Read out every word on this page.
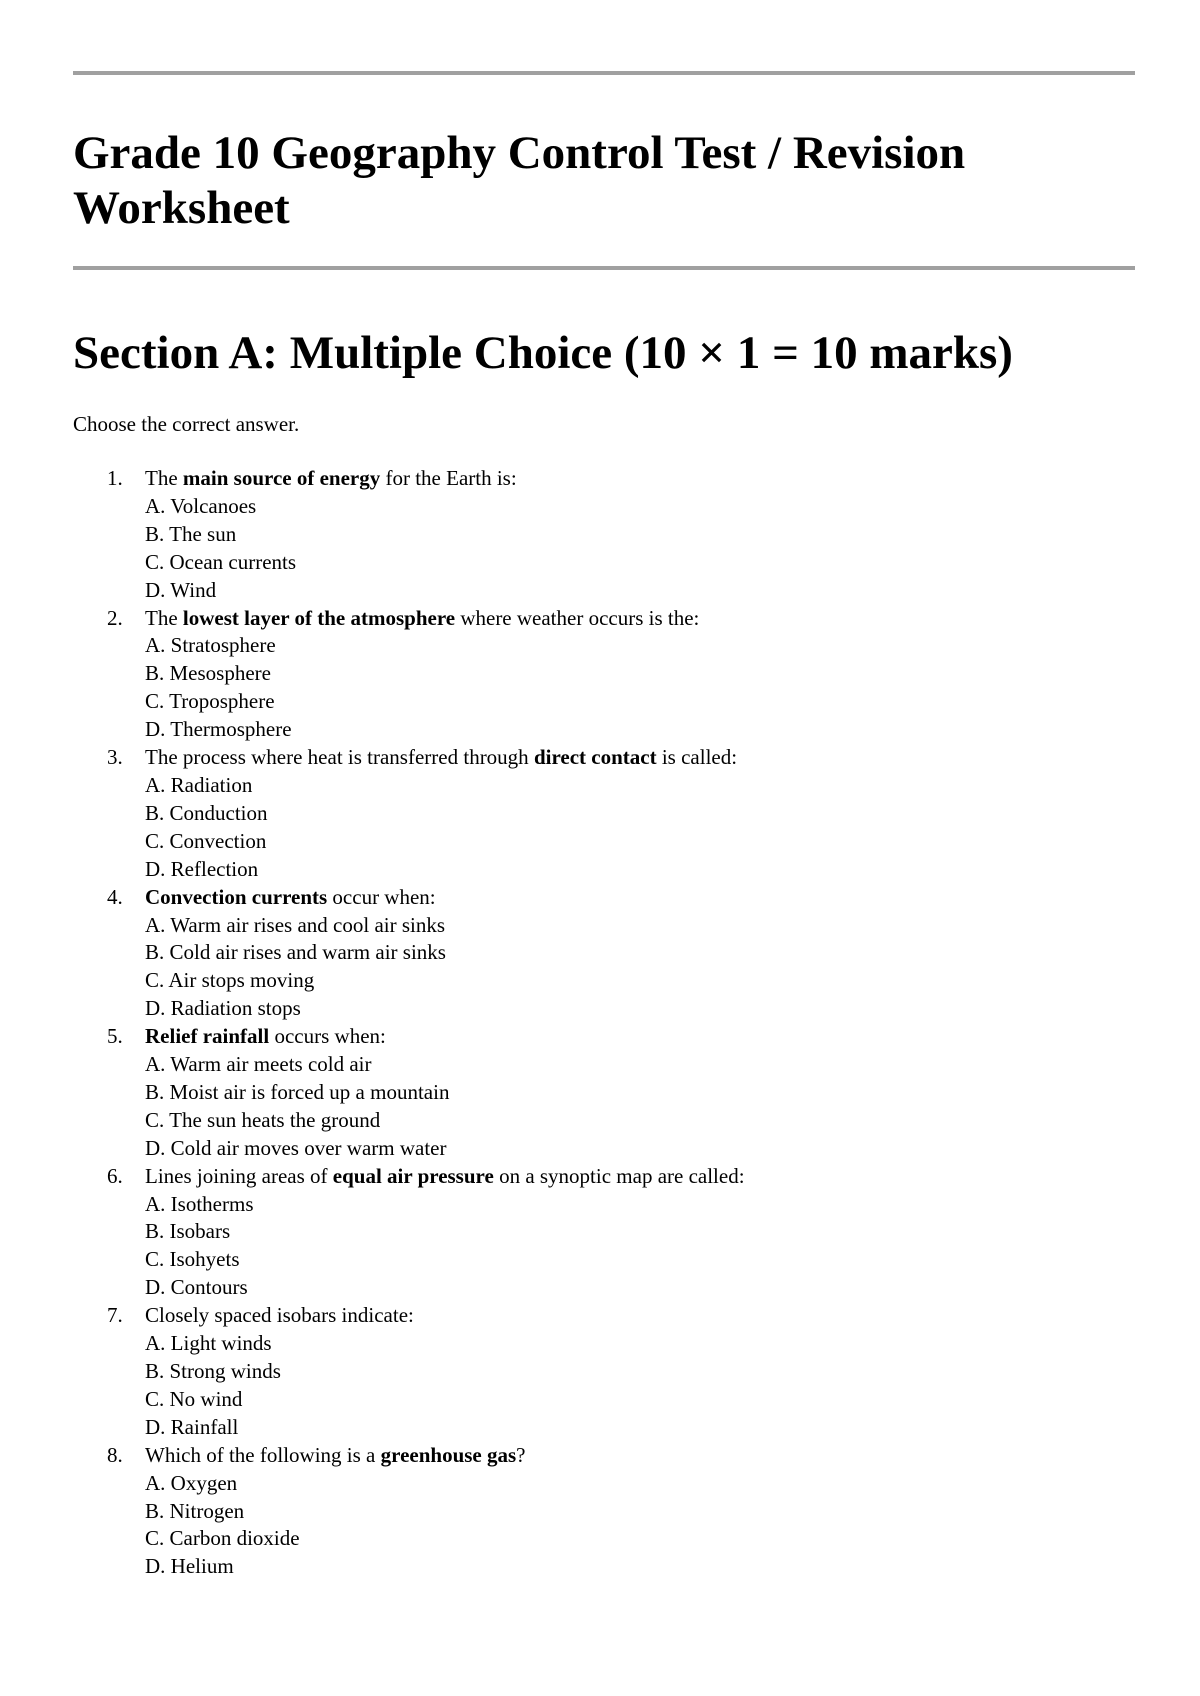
Grade 10 Geography Control Test / Revision Worksheet
Section A: Multiple Choice (10 × 1 = 10 marks)

Choose the correct answer.

1. The main source of energy for the Earth is:
A. Volcanoes
B. The sun
C. Ocean currents
D. Wind
2. The lowest layer of the atmosphere where weather occurs is the:
A. Stratosphere
B. Mesosphere
C. Troposphere
D. Thermosphere
3. The process where heat is transferred through direct contact is called:
A. Radiation
B. Conduction
C. Convection
D. Reflection
4. Convection currents occur when:
A. Warm air rises and cool air sinks
B. Cold air rises and warm air sinks
C. Air stops moving
D. Radiation stops
5. Relief rainfall occurs when:
A. Warm air meets cold air
B. Moist air is forced up a mountain
C. The sun heats the ground
D. Cold air moves over warm water
6. Lines joining areas of equal air pressure on a synoptic map are called:
A. Isotherms
B. Isobars
C. Isohyets
D. Contours
7. Closely spaced isobars indicate:
A. Light winds
B. Strong winds
C. No wind
D. Rainfall
8. Which of the following is a greenhouse gas?
A. Oxygen
B. Nitrogen
C. Carbon dioxide
D. Helium
